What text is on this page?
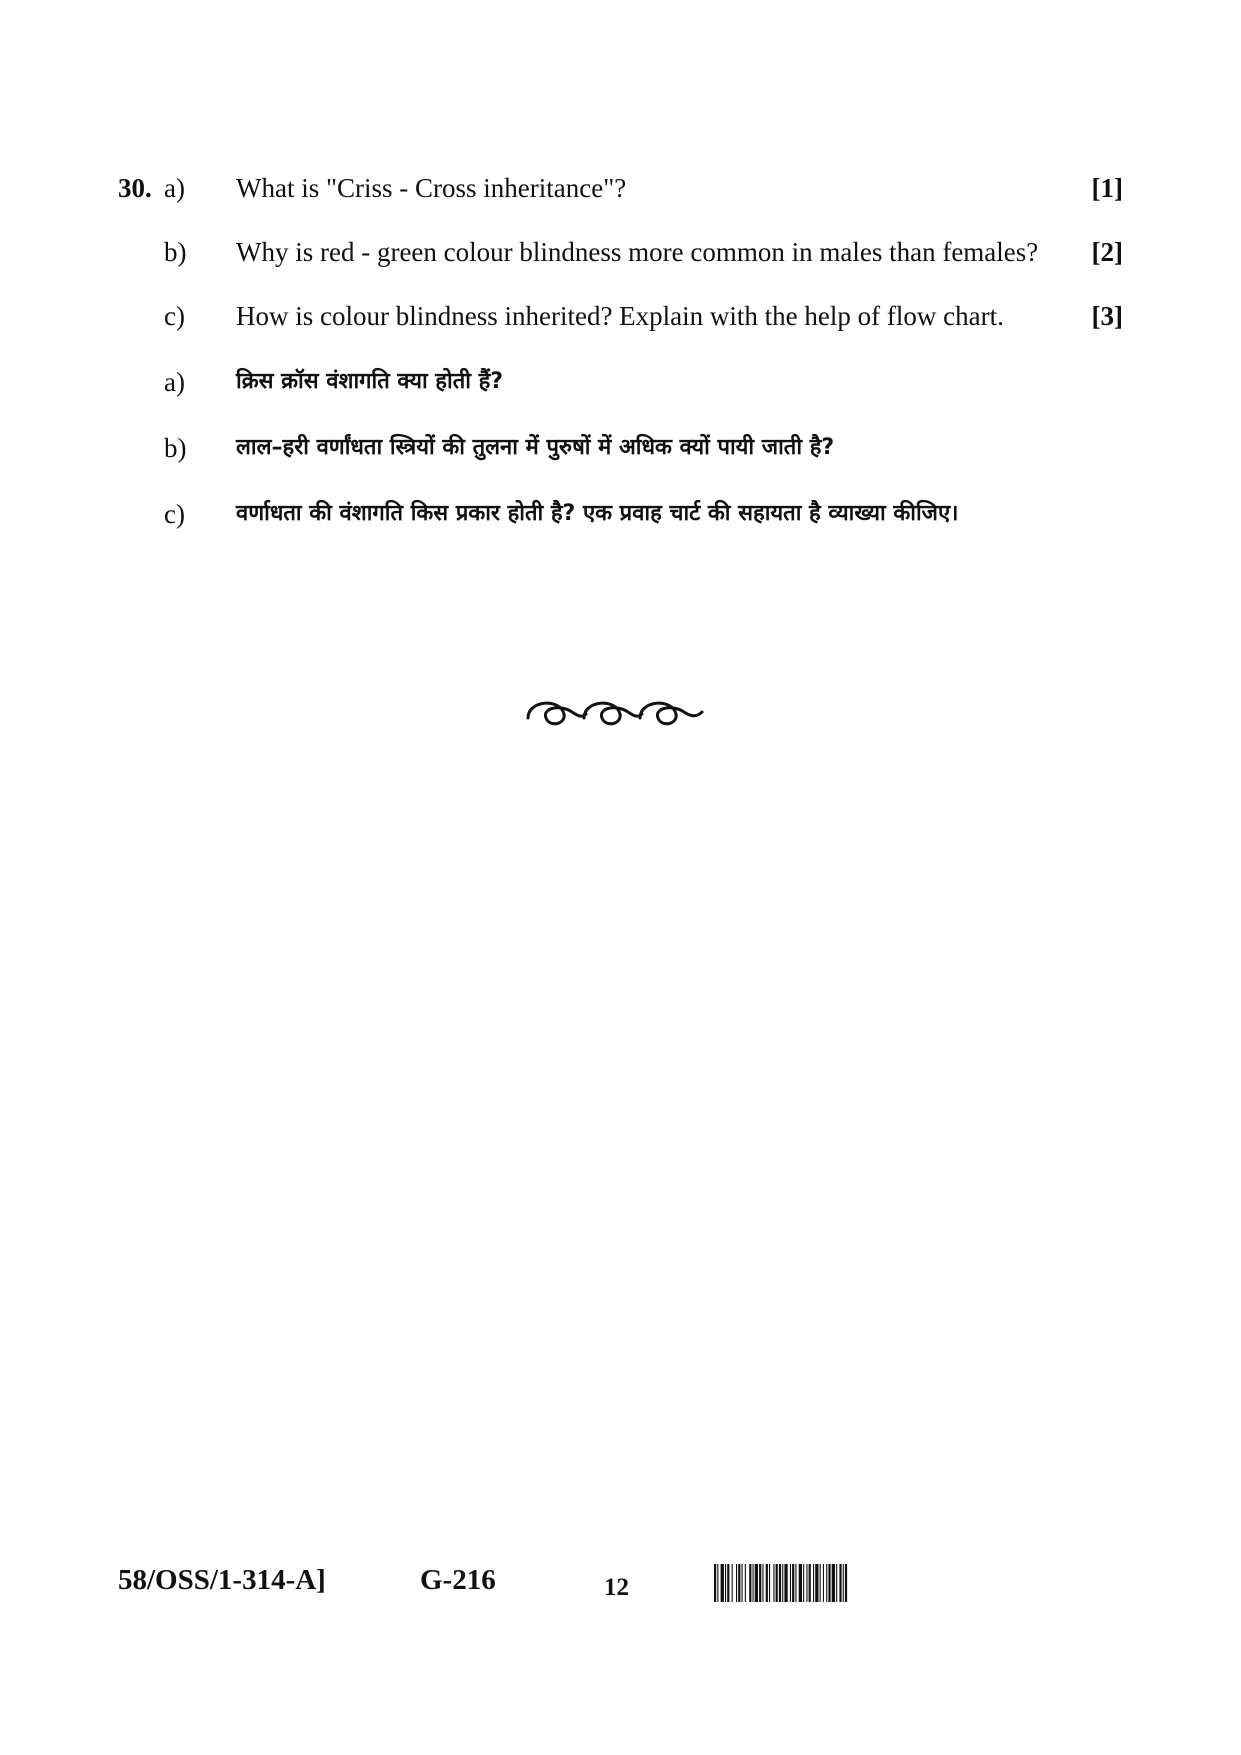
30. a) What is "Criss - Cross inheritance"?	[1]
b) Why is red - green colour blindness more common in males than females? [2]
c) How is colour blindness inherited? Explain with the help of flow chart.	[3]
a) क्रिस क्रॉस वंशागति क्या होती हैं?
b) लाल–हरी वर्णांधता स्त्रियों की तुलना में पुरुषों में अधिक क्यों पायी जाती है?
c) वर्णाधता की वंशागति किस प्रकार होती है? एक प्रवाह चार्ट की सहायता है व्याख्या कीजिए।
58/OSS/1-314-A]	G-216	12
